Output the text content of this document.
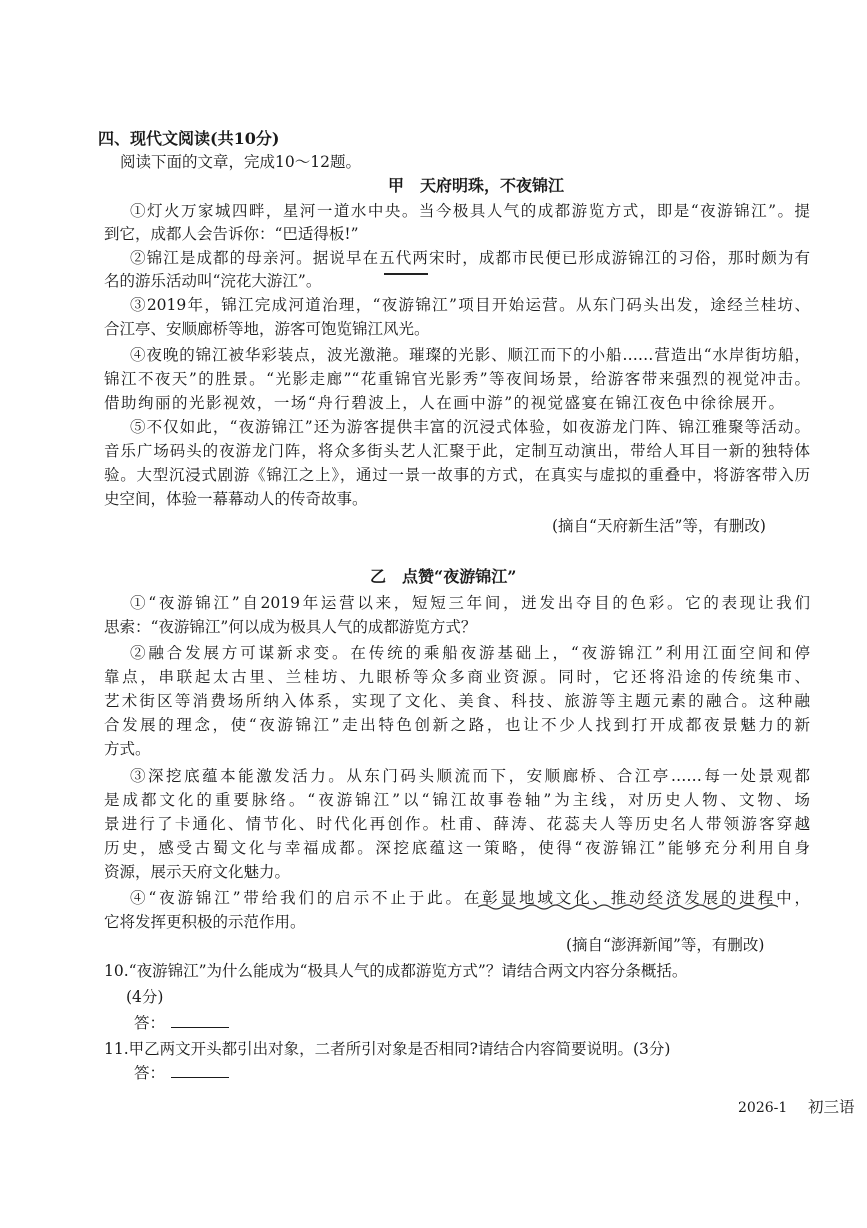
四、现代文阅读(共10分)
阅读下面的文章，完成10～12题。
甲　天府明珠，不夜锦江
①灯火万家城四畔，星河一道水中央。当今极具人气的成都游览方式，即是“夜游锦江”。提
到它，成都人会告诉你：“巴适得板!”
②锦江是成都的母亲河。据说早在五代两宋时，成都市民便已形成游锦江的习俗，那时颇为有
名的游乐活动叫“浣花大游江”。
③2019年，锦江完成河道治理，“夜游锦江”项目开始运营。从东门码头出发，途经兰桂坊、
合江亭、安顺廊桥等地，游客可饱览锦江风光。
④夜晚的锦江被华彩装点，波光激滟。璀璨的光影、顺江而下的小船……营造出“水岸街坊船，
锦江不夜天”的胜景。“光影走廊”“花重锦官光影秀”等夜间场景，给游客带来强烈的视觉冲击。
借助绚丽的光影视效，一场“舟行碧波上，人在画中游”的视觉盛宴在锦江夜色中徐徐展开。
⑤不仅如此，“夜游锦江”还为游客提供丰富的沉浸式体验，如夜游龙门阵、锦江雅聚等活动。
音乐广场码头的夜游龙门阵，将众多街头艺人汇聚于此，定制互动演出，带给人耳目一新的独特体
验。大型沉浸式剧游《锦江之上》，通过一景一故事的方式，在真实与虚拟的重叠中，将游客带入历
史空间，体验一幕幕动人的传奇故事。
(摘自“天府新生活”等，有删改)
乙　点赞“夜游锦江”
①“夜游锦江”自2019年运营以来，短短三年间，迸发出夺目的色彩。它的表现让我们
思索：“夜游锦江”何以成为极具人气的成都游览方式？
②融合发展方可谋新求变。在传统的乘船夜游基础上，“夜游锦江”利用江面空间和停
靠点，串联起太古里、兰桂坊、九眼桥等众多商业资源。同时，它还将沿途的传统集市、
艺术街区等消费场所纳入体系，实现了文化、美食、科技、旅游等主题元素的融合。这种融
合发展的理念，使“夜游锦江”走出特色创新之路，也让不少人找到打开成都夜景魅力的新
方式。
③深挖底蕴本能激发活力。从东门码头顺流而下，安顺廊桥、合江亭……每一处景观都
是成都文化的重要脉络。“夜游锦江”以“锦江故事卷轴”为主线，对历史人物、文物、场
景进行了卡通化、情节化、时代化再创作。杜甫、薛涛、花蕊夫人等历史名人带领游客穿越
历史，感受古蜀文化与幸福成都。深挖底蕴这一策略，使得“夜游锦江”能够充分利用自身
资源，展示天府文化魅力。
④“夜游锦江”带给我们的启示不止于此。在彰显地域文化、推动经济发展的进程中，
它将发挥更积极的示范作用。
(摘自“澎湃新闻”等，有删改)
10.“夜游锦江”为什么能成为“极具人气的成都游览方式”？请结合两文内容分条概括。
(4分)
答：
11.甲乙两文开头都引出对象，二者所引对象是否相同?请结合内容简要说明。(3分)
答：
2026-1 初三语
